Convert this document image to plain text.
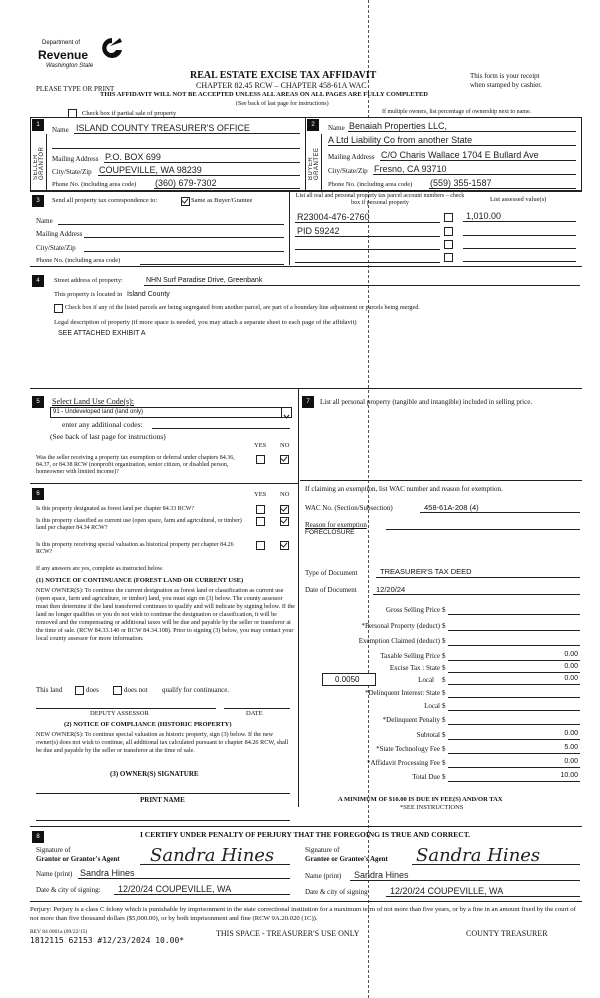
Department of
Revenue
Washington State
PLEASE TYPE OR PRINT
REAL ESTATE EXCISE TAX AFFIDAVIT
CHAPTER 82.45 RCW – CHAPTER 458-61A WAC
THIS AFFIDAVIT WILL NOT BE ACCEPTED UNLESS ALL AREAS ON ALL PAGES ARE FULLY COMPLETED
(See back of last page for instructions)
This form is your receipt
when stamped by cashier.
Check box if partial sale of property	If multiple owners, list percentage of ownership next to name.
1
SELLER GRANTOR
Name ISLAND COUNTY TREASURER'S OFFICE
Mailing Address P.O. BOX 699
City/State/Zip COUPEVILLE, WA 98239
Phone No. (including area code) (360) 679-7302
2
BUYER GRANTEE
Name Benaiah Properties LLC,
A Ltd Liability Co from another State
Mailing Address C/O Charis Wallace 1704 E Bullard Ave
City/State/Zip Fresno, CA 93710
Phone No. (including area code) (559) 355-1587
3	Send all property tax correspondence to:	Same as Buyer/Grantee
Name
Mailing Address
City/State/Zip
Phone No. (including area code)
List all real and personal property tax parcel account numbers – check box if personal property	List assessed value(s)
R23004-476-2760	1,010.00
PID 59242
4	Street address of property:	NHN Surf Paradise Drive, Greenbank
This property is located in Island County
Check box if any of the listed parcels are being segregated from another parcel, are part of a boundary line adjustment or parcels being merged.
Legal description of property (if more space is needed, you may attach a separate sheet to each page of the affidavit)
SEE ATTACHED EXHIBIT A
5	Select Land Use Code(s):
91 - Undeveloped land (land only)
enter any additional codes:
(See back of last page for instructions)
YES NO
Was the seller receiving a property tax exemption or deferral under chapters 84.36, 84.37, or 84.38 RCW (nonprofit organization, senior citizen, or disabled person, homeowner with limited income)?
6	YES NO
Is this property designated as forest land per chapter 84.33 RCW?
Is this property classified as current use (open space, farm and agricultural, or timber) land per chapter 84.34 RCW?
Is this property receiving special valuation as historical property per chapter 84.26 RCW?
If any answers are yes, complete as instructed below.
(1) NOTICE OF CONTINUANCE (FOREST LAND OR CURRENT USE)
NEW OWNER(S): To continue the current designation as forest land or classification as current use (open space, farm and agriculture, or timber) land, you must sign on (3) below. The county assessor must then determine if the land transferred continues to qualify and will indicate by signing below. If the land no longer qualifies or you do not wish to continue the designation or classification, it will be removed and the compensating or additional taxes will be due and payable by the seller or transferor at the time of sale. (RCW 84.33.140 or RCW 84.34.108). Prior to signing (3) below, you may contact your local county assessor for more information.
This land	does	does not qualify for continuance.
DEPUTY ASSESSOR	DATE
(2) NOTICE OF COMPLIANCE (HISTORIC PROPERTY)
NEW OWNER(S): To continue special valuation as historic property, sign (3) below. If the new owner(s) does not wish to continue, all additional tax calculated pursuant to chapter 84.26 RCW, shall be due and payable by the seller or transferor at the time of sale.
(3) OWNER(S) SIGNATURE
PRINT NAME
7	List all personal property (tangible and intangible) included in selling price.
If claiming an exemption, list WAC number and reason for exemption.
WAC No. (Section/Subsection)	458-61A-208 (4)
Reason for exemption
FORECLOSURE
Type of Document	TREASURER'S TAX DEED
Date of Document	12/20/24
Gross Selling Price $
*Personal Property (deduct) $
Exemption Claimed (deduct) $
Taxable Selling Price $	0.00
Excise Tax : State $	0.00
Local $	0.00
*Delinquent Interest: State $
Local $
*Delinquent Penalty $
Subtotal $	0.00
*State Technology Fee $	5.00
*Affidavit Processing Fee $	0.00
Total Due $	10.00
0.0050
A MINIMUM OF $10.00 IS DUE IN FEE(S) AND/OR TAX
*SEE INSTRUCTIONS
8	I CERTIFY UNDER PENALTY OF PERJURY THAT THE FOREGOING IS TRUE AND CORRECT.
Signature of
Grantor or Grantor's Agent Sandra Hines
Name (print) Sandra Hines
Date & city of signing: 12/20/24 COUPEVILLE, WA
Signature of
Grantee or Grantee's Agent Sandra Hines
Name (print) Sandra Hines
Date & city of signing 12/20/24 COUPEVILLE, WA
Perjury: Perjury is a class C felony which is punishable by imprisonment in the state correctional institution for a maximum term of not more than five years, or by a fine in an amount fixed by the court of not more than five thousand dollars ($5,000.00), or by both imprisonment and fine (RCW 9A.20.020 (1C)).
REV 84 0001a (09/22/15)
1812115 62153 #12/23/2024 10.00*
THIS SPACE - TREASURER'S USE ONLY	COUNTY TREASURER
